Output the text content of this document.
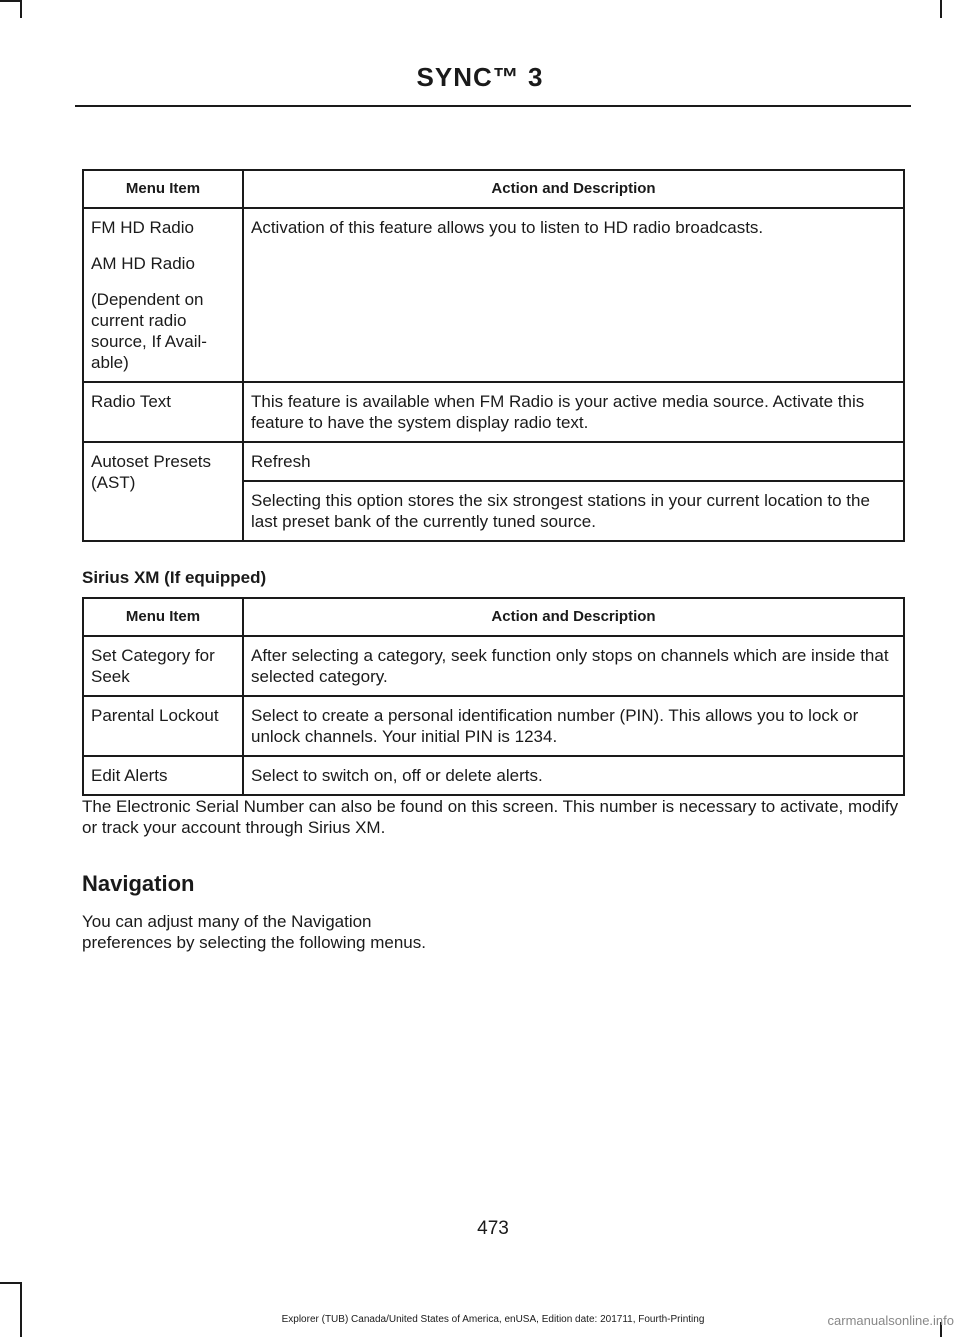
SYNC™ 3
Menu Item	Action and Description

FM HD Radio
AM HD Radio
(Dependent on current radio source, If Avail-able)	Activation of this feature allows you to listen to HD radio broadcasts.
Radio Text	This feature is available when FM Radio is your active media source. Activate this feature to have the system display radio text.
Autoset Presets (AST)	Refresh
	Selecting this option stores the six strongest stations in your current location to the last preset bank of the currently tuned source.
Sirius XM (If equipped)
Menu Item	Action and Description
Set Category for Seek	After selecting a category, seek function only stops on channels which are inside that selected category.
Parental Lockout	Select to create a personal identification number (PIN). This allows you to lock or unlock channels. Your initial PIN is 1234.
Edit Alerts	Select to switch on, off or delete alerts.
The Electronic Serial Number can also be found on this screen. This number is necessary to activate, modify or track your account through Sirius XM.
Navigation
You can adjust many of the Navigation preferences by selecting the following menus.
473
Explorer (TUB) Canada/United States of America, enUSA, Edition date: 201711, Fourth-Printing	carmanualsonline.info
